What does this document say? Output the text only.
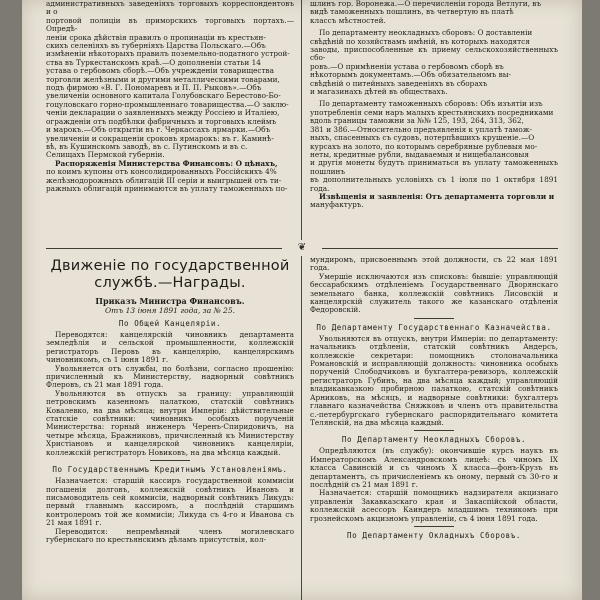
административныхъ заведеніяхъ торговыхъ корреспондентовъ и о

портовой полиціи въ приморскихъ торговыхъ портахъ.—Опредѣ-

леніи срока дѣйствія правилъ о пропинаціи въ крестьян-

скихъ селеніяхъ въ губерніяхъ Царства Польскаго.—Объ

измѣненіи нѣкоторыхъ правилъ поземельно-податного устрой-

ства въ Туркестанскомъ краѣ.—О дополненіи статьи 14

устава о гербовомъ сборѣ.—Объ учрежденіи товарищества

торговли желѣзными и другими металлическими товарами,

подъ фирмою «В. Г. Пономаревъ и П. П. Рыковъ».—Объ

увеличеніи основного капитала Голубовскаго Берестово-Бо-

гоцуловскаго горно-промышленнаго товарищества.—О заклю-

ченіи декларации о заявленныхъ между Россіею и Италіею,

огражденіи отъ подбѣлки фабричныхъ и торговыхъ клеймъ

и марокъ.—Объ открытіи въ г. Черкассахъ ярмарки.—Объ

увеличеніи и сокращеніи сроковъ ярмарокъ: въ г. Каминѣ-

вѣ, въ Кушинскомъ заводѣ, въ с. Путинскомъ и въ с.

Селищахъ Пермской губерніи.

Распоряженія Министерства Финансовъ: О цѣнахъ,

по коимъ купоны отъ консолидированныхъ Россійскихъ 4%

желѣзнодорожныхъ облигацій III серіи и выигрышей отъ ти-

ражныхъ облигацій принимаются въ уплату таможенныхъ по-

шлинъ гор. Воронежа.—О перечисленіи города Ветлуги, въ

видѣ таможенныхъ пошлинъ, въ четвертую въ платѣ

классъ мѣстностей.

По департаменту неокладныхъ сборовъ: О доставленіи

свѣдѣній по хозяйствамъ имѣній, въ которыхъ находятся

заводы, приспособленные къ приему сельскохозяйственныхъ сбо-

ровъ.—О примѣненіи устава о гербовомъ сборѣ въ

нѣкоторымъ документамъ.—Объ обязательномъ вы-

свѣдѣній о питейныхъ заведеніяхъ въ сборахъ

и магазинахъ дѣтей въ обществахъ.

По департаменту таможенныхъ сборовъ: Объ изъятіи изъ

употребленія семи наръ малыхъ крестьянскихъ посредниками

вдоль границы таможни за №№ 125, 193, 264, 313, 362,

381 и 386.—Относительно предъявленія к уплатѣ тамож-

ныхъ, спасенныхъ съ судовъ, потерпѣвшихъ крушеніе.—О

курсахъ на золото, по которымъ серебряные рублевыя мо-

неты, кредитные рубли, выдаваемыя и нищебалансовыя

и другія монеты будутъ приниматься въ уплату таможенныхъ пошлинъ

въ дополнительныхъ условіяхъ съ 1 іюля по 1 октября 1891 года.

Извѣщенія и заявленія: Отъ департамента торговли и

мануфактуръ.

❦
Движеніе по государственной службѣ.—Награды.
Приказъ Министра Финансовъ.
Отъ 13 іюня 1891 года, за № 25.
По Общей Канцеляріи.

Переводятся: канцелярскій чиновникъ департамента земледѣлія и сельской промышленности, коллежскій регистраторъ Перовъ въ канцелярію, канцелярскимъ чиновникомъ, съ 1 іюня 1891 г.

Увольняется отъ службы, по болѣзни, согласно прошенію: причисленный къ Министерству, надворный совѣтникъ Флеровъ, съ 21 мая 1891 года.

Увольняются въ отпускъ за границу: управляющій петровскимъ казенномъ палаткою, статскій совѣтникъ Ковалевко, на два мѣсяца; внутри Имперіи: дѣйствительные статскіе совѣтники: чиновникъ особыхъ порученій Министерства: горный инженеръ Черенъ-Спиридовичъ, на четыре мѣсяца, Бражниковъ, причисленный къ Министерству Христіановъ и канцелярской чиновникъ канцеляріи, коллежскій регистраторъ Новиковъ, на два мѣсяца каждый.

По Государственнымъ Кредитнымъ Установленіямъ.

Назначается: старшій кассиръ государственной коммисіи погашенія долговъ, коллежскій совѣтникъ Ивановъ и письмоводитель сей коммисіи, надворный совѣтникъ Ликудъ: первый главнымъ кассиромъ, а послѣдній старшимъ контролеромъ той же коммисіи; Ликуда съ 4-го и Иванова съ 21 мая 1891 г.

Переводится: непремѣнный членъ могилевскаго губернскаго по крестьянскимъ дѣламъ присутствія, кол-

мундиромъ, присвоеннымъ этой должности, съ 22 мая 1891 года.

Умершіе исключаются изъ списковъ: бывшіе: управляющій бессарабскимъ отдѣленіемъ Государственнаго Дворянскаго земельнаго банка, коллежскій совѣтникъ Лисовскій и канцелярскій служитель такого же казанскаго отдѣленія Федоровскій.

По Департаменту Государственнаго Казначейства.

Увольняются въ отпускъ, внутри Имперіи: по департаменту: начальникъ отдѣленія, статскій совѣтникъ Андерсъ, коллежскіе секретари: помощникъ столоначальника Романовскій и исправляющій должность: чиновника особыхъ порученій Слободчиковъ и бухгалтера-ревизоръ, коллежскій регистраторъ Губинъ, на два мѣсяца каждый; управляющій владикавказкою пробирною палаткою, статскій совѣтникъ Арниковъ, на мѣсяцъ, и надворные совѣтники: бухгалтеръ главнаго казначейства Сняжковъ и членъ отъ правительства с.-петербургскаго губернскаго распорядительнаго комитета Телянскій, на два мѣсяца каждый.

По Департаменту Неокладныхъ Сборовъ.

Опредѣляются (въ службу): окончившіе курсъ наукъ въ Императорскомъ Александровскомъ лицеѣ: съ чиномъ IX класса Савинскій и съ чиномъ X класса—фонъ-Крузъ въ департаментъ, съ причисленіемъ къ оному, первый съ 30-го и послѣдній съ 21 мая 1891 г.

Назначается: старшій помощникъ надзирателя акцизнаго управленія Закавказскаго края и Закаспійской области, коллежскій асессоръ Каиндеръ младшимъ техникомъ при грознейскомъ акцизномъ управленіи, съ 4 іюня 1891 года.

По Департаменту Окладныхъ Сборовъ.
